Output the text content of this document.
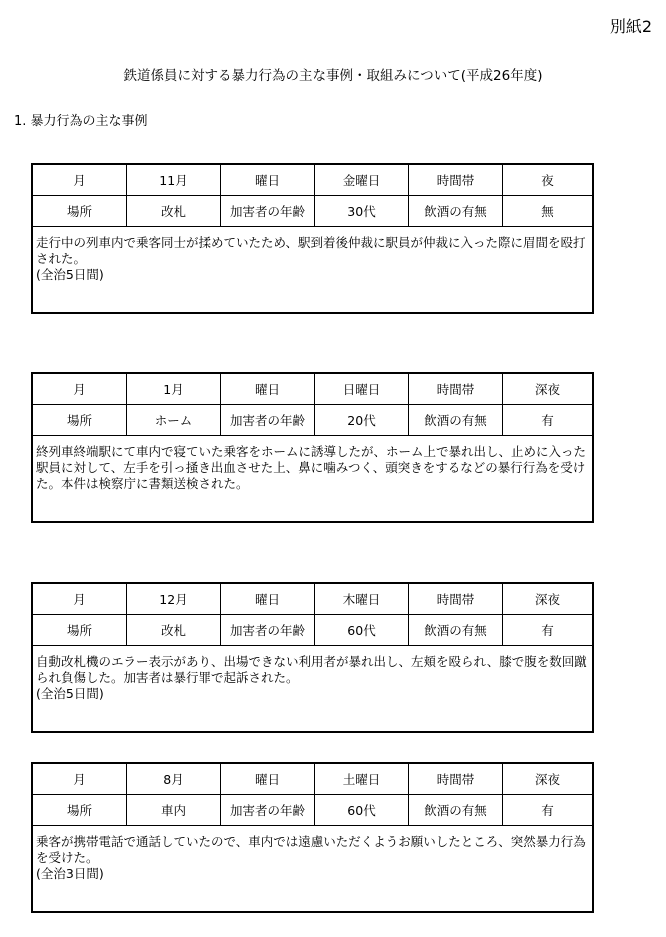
別紙2
鉄道係員に対する暴力行為の主な事例・取組みについて(平成26年度)
1. 暴力行為の主な事例
月	11月	曜日	金曜日	時間帯	夜
場所	改札	加害者の年齢	30代	飲酒の有無	無
走行中の列車内で乗客同士が揉めていたため、駅到着後仲裁に駅員が仲裁に入った際に眉間を殴打された。
(全治5日間)
月	1月	曜日	日曜日	時間帯	深夜
場所	ホーム	加害者の年齢	20代	飲酒の有無	有
終列車終端駅にて車内で寝ていた乗客をホームに誘導したが、ホーム上で暴れ出し、止めに入った駅員に対して、左手を引っ掻き出血させた上、鼻に噛みつく、頭突きをするなどの暴行行為を受けた。本件は検察庁に書類送検された。
月	12月	曜日	木曜日	時間帯	深夜
場所	改札	加害者の年齢	60代	飲酒の有無	有
自動改札機のエラー表示があり、出場できない利用者が暴れ出し、左頬を殴られ、膝で腹を数回蹴られ負傷した。加害者は暴行罪で起訴された。
(全治5日間)
月	8月	曜日	土曜日	時間帯	深夜
場所	車内	加害者の年齢	60代	飲酒の有無	有
乗客が携帯電話で通話していたので、車内では遠慮いただくようお願いしたところ、突然暴力行為を受けた。
(全治3日間)
